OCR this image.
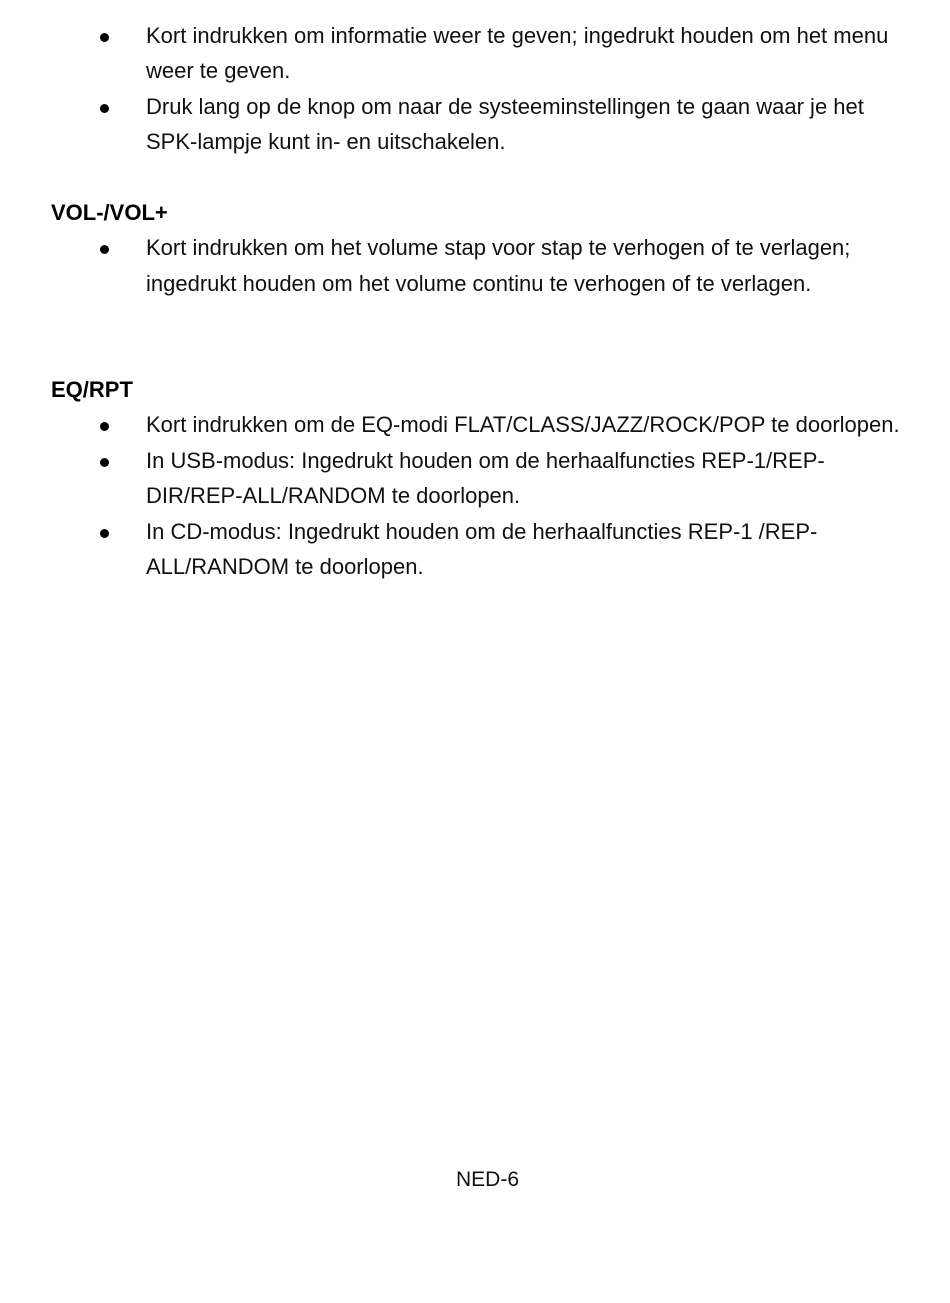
Kort indrukken om informatie weer te geven; ingedrukt houden om het menu weer te geven.
Druk lang op de knop om naar de systeeminstellingen te gaan waar je het SPK-lampje kunt in- en uitschakelen.
VOL-/VOL+
Kort indrukken om het volume stap voor stap te verhogen of te verlagen; ingedrukt houden om het volume continu te verhogen of te verlagen.
EQ/RPT
Kort indrukken om de EQ-modi FLAT/CLASS/JAZZ/ROCK/POP te doorlopen.
In USB-modus: Ingedrukt houden om de herhaalfuncties REP-1/REP-DIR/REP-ALL/RANDOM te doorlopen.
In CD-modus: Ingedrukt houden om de herhaalfuncties REP-1 /REP-ALL/RANDOM te doorlopen.
NED-6
